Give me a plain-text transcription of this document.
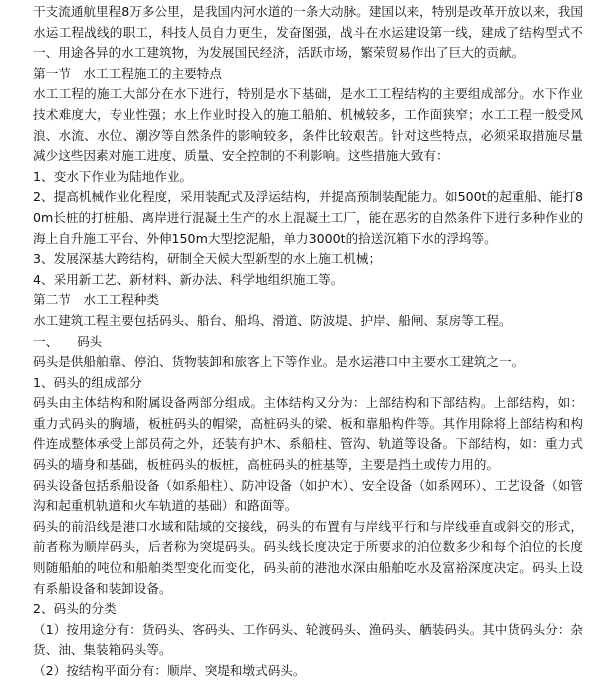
干支流通航里程8万多公里，是我国内河水道的一条大动脉。建国以来，特别是改革开放以来，我国水运工程战线的职工，科技人员自力更生，发奋图强，战斗在水运建设第一线，建成了结构型式不一、用途各异的水工建筑物，为发展国民经济，活跃市场，繁荣贸易作出了巨大的贡献。

第一节　水工工程施工的主要特点

水工工程的施工大部分在水下进行，特别是水下基础，是水工工程结构的主要组成部分。水下作业技术难度大，专业性强；水上作业时投入的施工船舶、机械较多，工作面狭窄；水工工程一般受风浪、水流、水位、潮汐等自然条件的影响较多，条件比较艰苦。针对这些特点，必须采取措施尽量减少这些因素对施工进度、质量、安全控制的不利影响。这些措施大致有：

1、变水下作业为陆地作业。

2、提高机械作业化程度，采用装配式及浮运结构，并提高预制装配能力。如500t的起重船、能打80m长桩的打桩船、离岸进行混凝土生产的水上混凝土工厂，能在恶劣的自然条件下进行多种作业的海上自升施工平台、外伸150m大型挖泥船，单力3000t的拾送沉箱下水的浮坞等。

3、发展深基大跨结构，研制全天候大型新型的水上施工机械；

4、采用新工艺、新材料、新办法、科学地组织施工等。

第二节　水工工程种类

水工建筑工程主要包括码头、船台、船坞、滑道、防波堤、护岸、船闸、泵房等工程。

一、　　码头

码头是供船舶靠、停泊、货物装卸和旅客上下等作业。是水运港口中主要水工建筑之一。

1、码头的组成部分

码头由主体结构和附属设备两部分组成。主体结构又分为：上部结构和下部结构。上部结构，如：重力式码头的胸墙，板桩码头的帽梁，高桩码头的梁、板和靠船构件等。其作用除将上部结构和构件连成整体承受上部员荷之外，还装有护木、系船柱、管沟、轨道等设备。下部结构，如：重力式码头的墙身和基础，板桩码头的板桩，高桩码头的桩基等，主要是挡土或传力用的。

码头设备包括系船设备（如系船柱）、防冲设备（如护木）、安全设备（如系网环）、工艺设备（如管沟和起重机轨道和火车轨道的基础）和路面等。

码头的前沿线是港口水域和陆域的交接线，码头的布置有与岸线平行和与岸线垂直或斜交的形式，前者称为顺岸码头，后者称为突堤码头。码头线长度决定于所要求的泊位数多少和每个泊位的长度则随船舶的吨位和船舶类型变化而变化，码头前的港池水深由船舶吃水及富裕深度决定。码头上设有系船设备和装卸设备。

2、码头的分类

（1）按用途分有：货码头、客码头、工作码头、轮渡码头、渔码头、舾装码头。其中货码头分：杂货、油、集装箱码头等。

（2）按结构平面分有：顺岸、突堤和墩式码头。
